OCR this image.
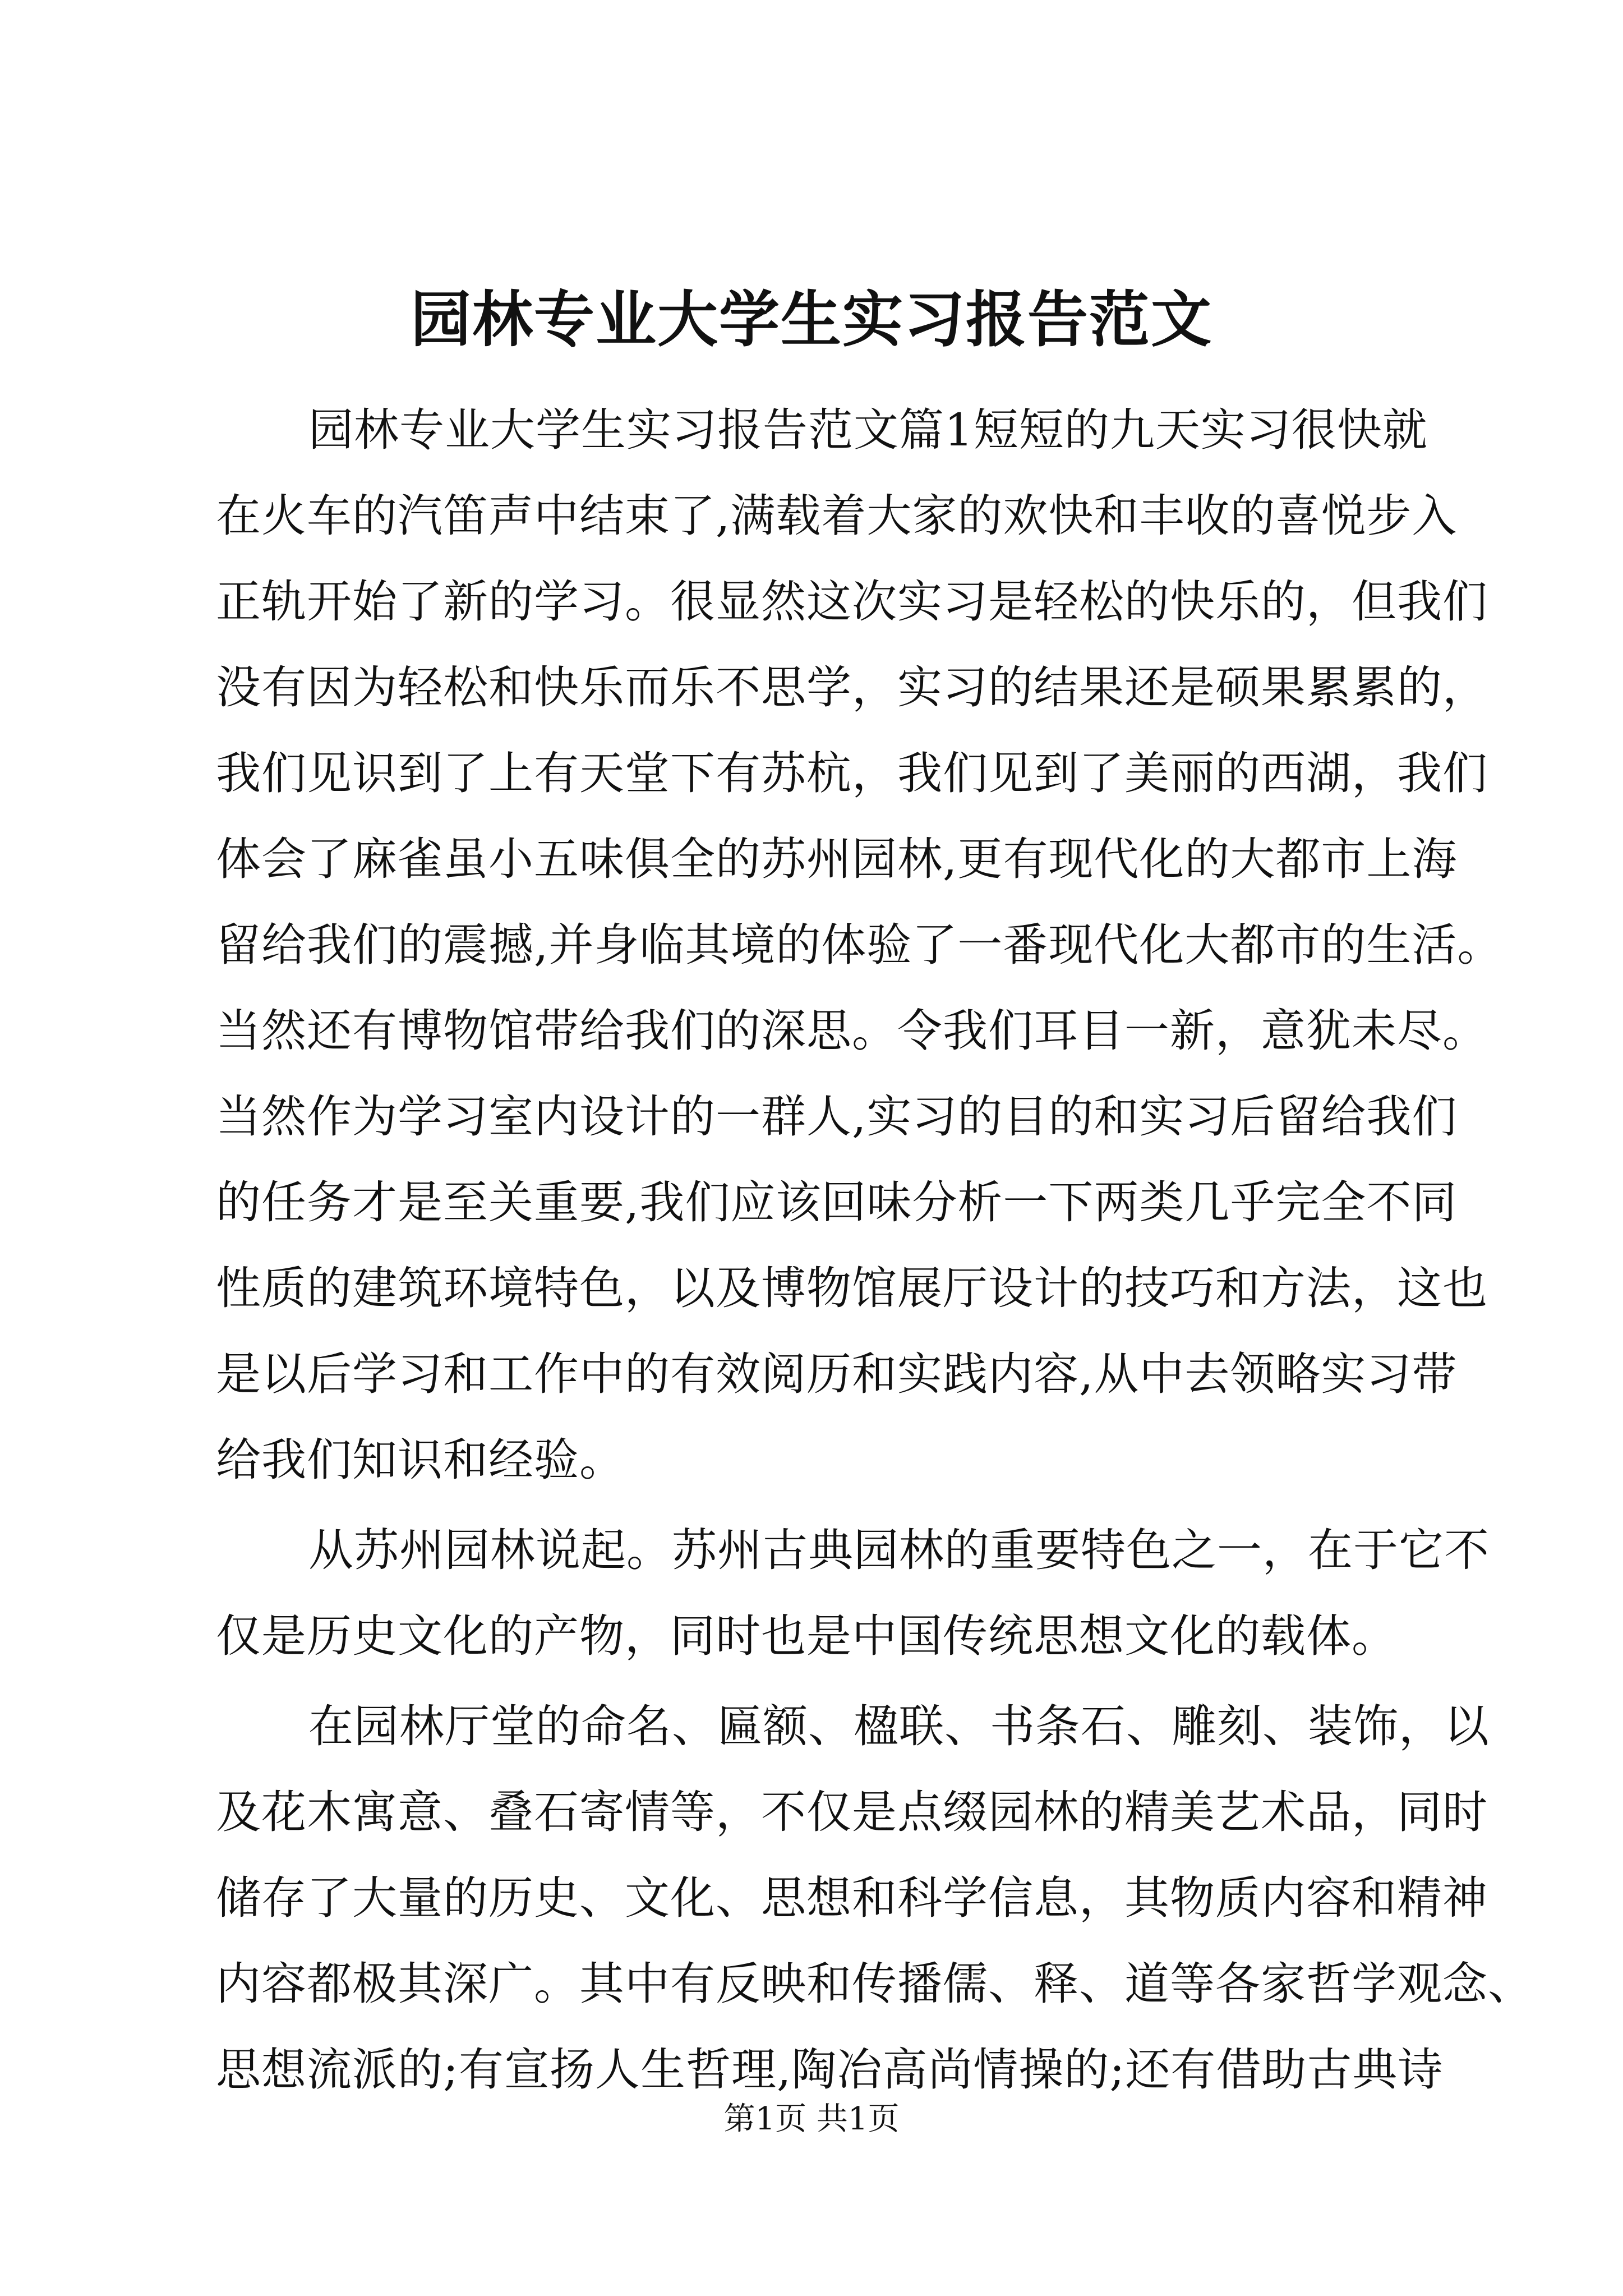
园林专业大学生实习报告范文
园林专业大学生实习报告范文篇1短短的九天实习很快就
在火车的汽笛声中结束了,满载着大家的欢快和丰收的喜悦步入
正轨开始了新的学习。很显然这次实习是轻松的快乐的，但我们
没有因为轻松和快乐而乐不思学，实习的结果还是硕果累累的，
我们见识到了上有天堂下有苏杭，我们见到了美丽的西湖，我们
体会了麻雀虽小五味俱全的苏州园林,更有现代化的大都市上海
留给我们的震撼,并身临其境的体验了一番现代化大都市的生活。
当然还有博物馆带给我们的深思。令我们耳目一新，意犹未尽。
当然作为学习室内设计的一群人,实习的目的和实习后留给我们
的任务才是至关重要,我们应该回味分析一下两类几乎完全不同
性质的建筑环境特色，以及博物馆展厅设计的技巧和方法，这也
是以后学习和工作中的有效阅历和实践内容,从中去领略实习带
给我们知识和经验。
从苏州园林说起。苏州古典园林的重要特色之一，在于它不
仅是历史文化的产物，同时也是中国传统思想文化的载体。
在园林厅堂的命名、匾额、楹联、书条石、雕刻、装饰，以
及花木寓意、叠石寄情等，不仅是点缀园林的精美艺术品，同时
储存了大量的历史、文化、思想和科学信息，其物质内容和精神
内容都极其深广。其中有反映和传播儒、释、道等各家哲学观念、
思想流派的;有宣扬人生哲理,陶冶高尚情操的;还有借助古典诗
第1页 共1页
